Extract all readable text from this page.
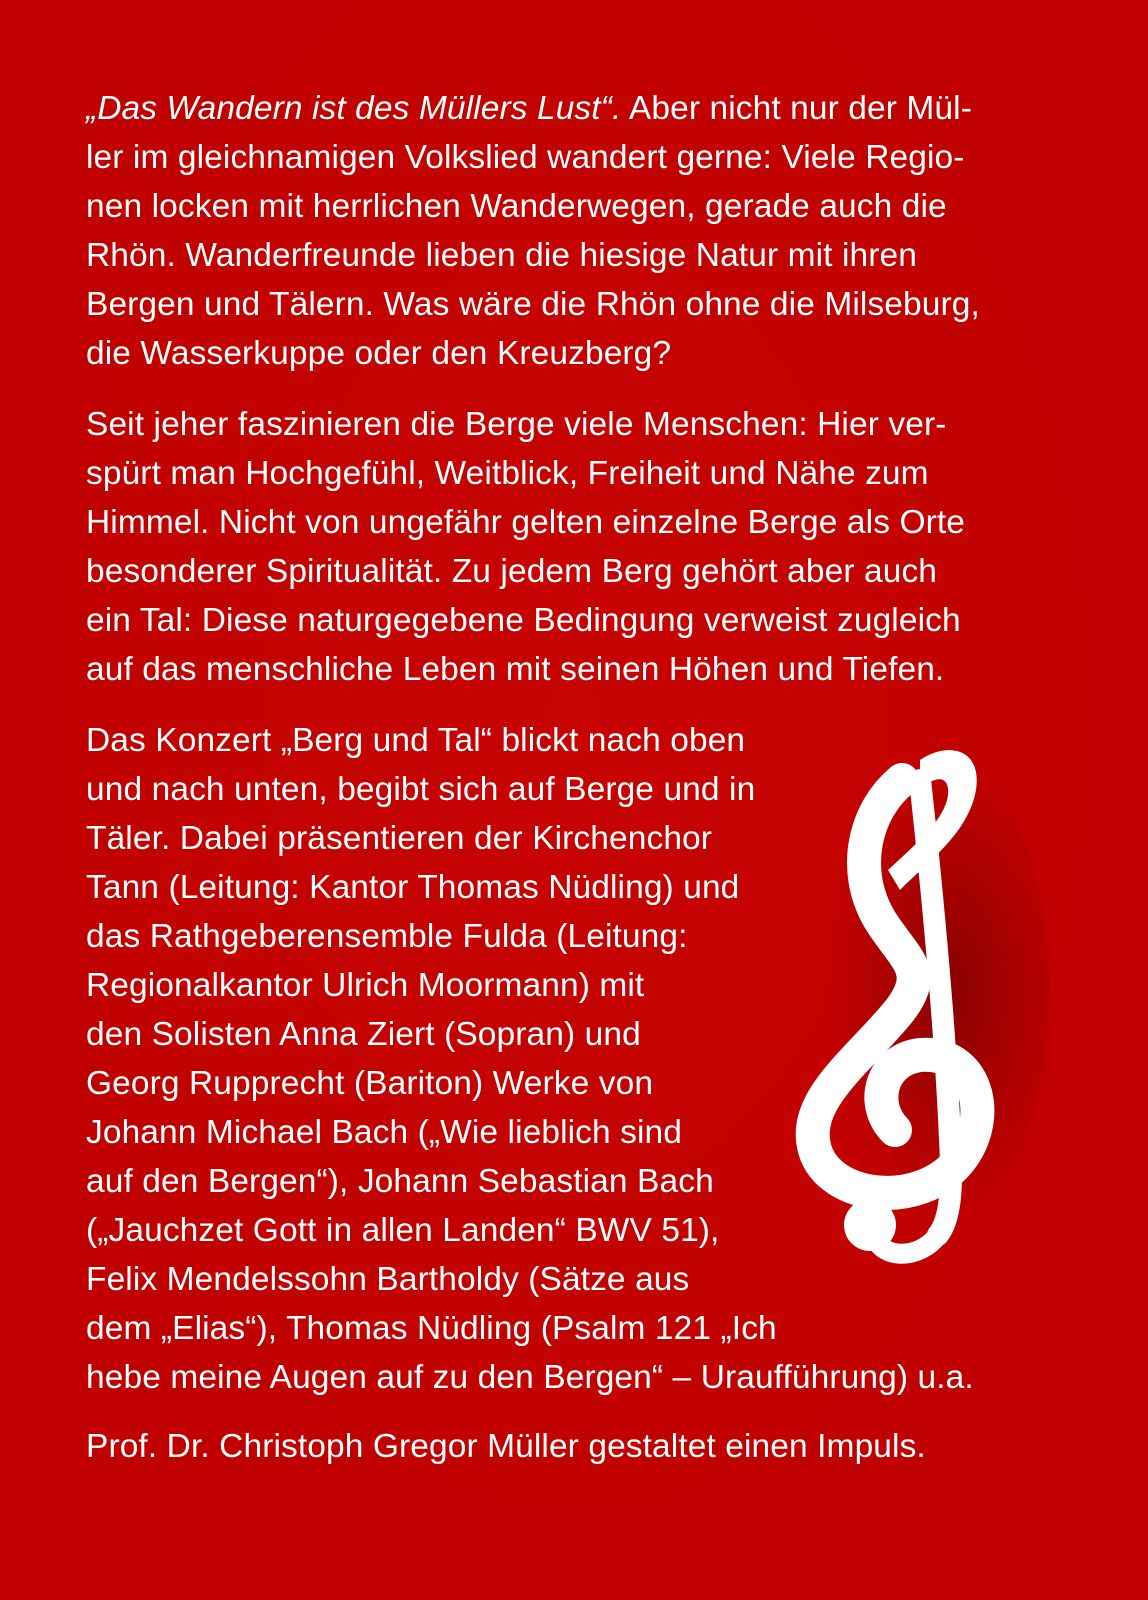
„Das Wandern ist des Müllers Lust“. Aber nicht nur der Mül-
ler im gleichnamigen Volkslied wandert gerne: Viele Regio-
nen locken mit herrlichen Wanderwegen, gerade auch die
Rhön. Wanderfreunde lieben die hiesige Natur mit ihren
Bergen und Tälern. Was wäre die Rhön ohne die Milseburg,
die Wasserkuppe oder den Kreuzberg?
Seit jeher faszinieren die Berge viele Menschen: Hier ver-
spürt man Hochgefühl, Weitblick, Freiheit und Nähe zum
Himmel. Nicht von ungefähr gelten einzelne Berge als Orte
besonderer Spiritualität. Zu jedem Berg gehört aber auch
ein Tal: Diese naturgegebene Bedingung verweist zugleich
auf das menschliche Leben mit seinen Höhen und Tiefen.
Das Konzert „Berg und Tal“ blickt nach oben
und nach unten, begibt sich auf Berge und in
Täler. Dabei präsentieren der Kirchenchor
Tann (Leitung: Kantor Thomas Nüdling) und
das Rathgeberensemble Fulda (Leitung:
Regionalkantor Ulrich Moormann) mit
den Solisten Anna Ziert (Sopran) und
Georg Rupprecht (Bariton) Werke von
Johann Michael Bach („Wie lieblich sind
auf den Bergen“), Johann Sebastian Bach
(„Jauchzet Gott in allen Landen“ BWV 51),
Felix Mendelssohn Bartholdy (Sätze aus
dem „Elias“), Thomas Nüdling (Psalm 121 „Ich
hebe meine Augen auf zu den Bergen“ – Uraufführung) u.a.
Prof. Dr. Christoph Gregor Müller gestaltet einen Impuls.
